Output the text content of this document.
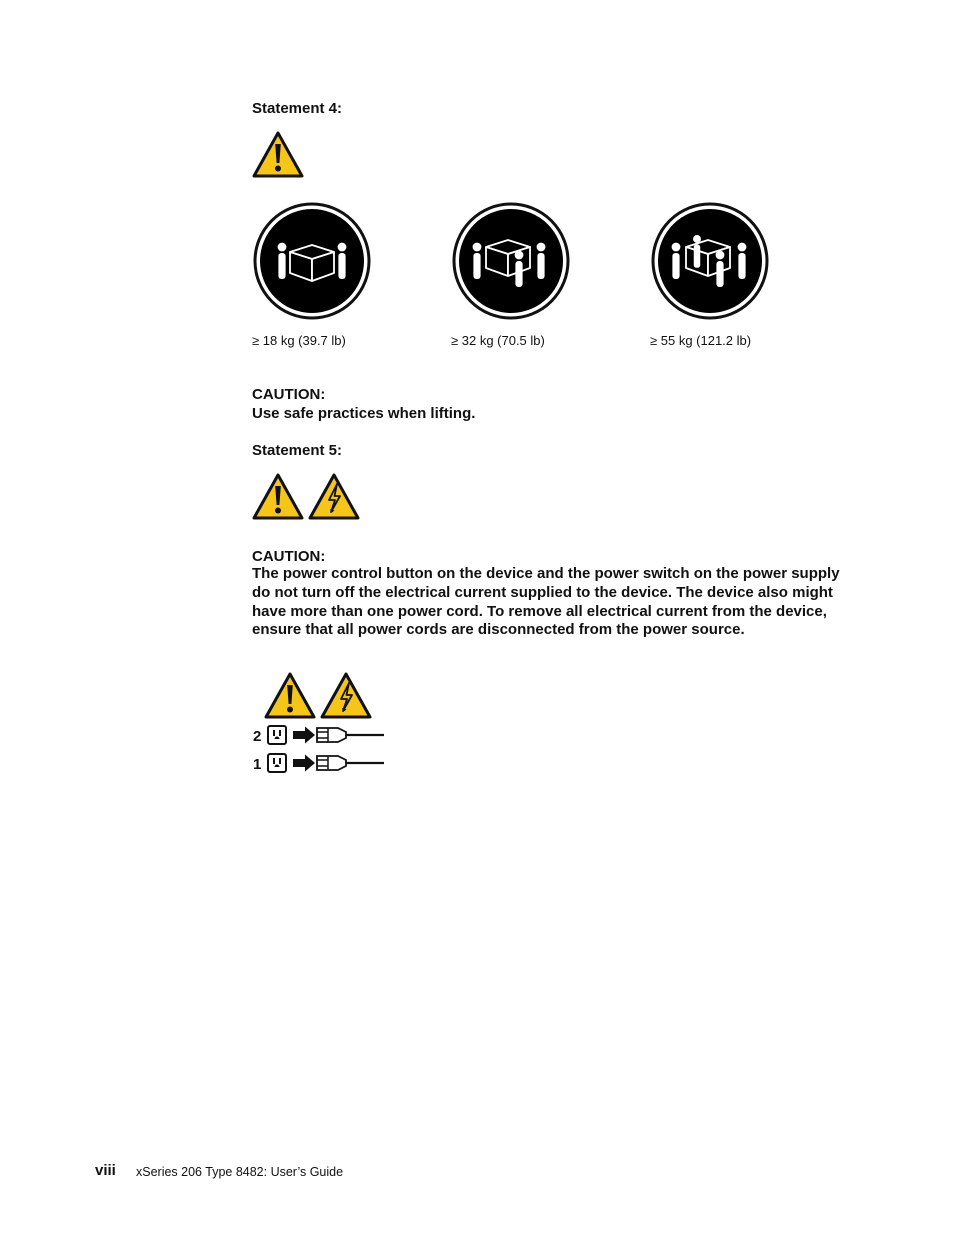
Statement 4:
≥ 18 kg (39.7 lb)	≥ 32 kg (70.5 lb)	≥ 55 kg (121.2 lb)
CAUTION:
Use safe practices when lifting.
Statement 5:
CAUTION:
The power control button on the device and the power switch on the power supply do not turn off the electrical current supplied to the device. The device also might have more than one power cord. To remove all electrical current from the device, ensure that all power cords are disconnected from the power source.
2
1
viii xSeries 206 Type 8482: User’s Guide
